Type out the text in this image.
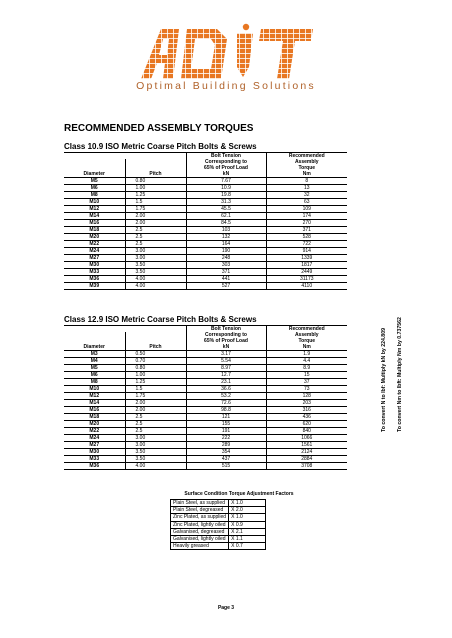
Optimal Building Solutions
RECOMMENDED ASSEMBLY TORQUES
Class 10.9 ISO Metric Coarse Pitch Bolts & Screws
		Bolt Tension	Recommended
		Corresponding to	Assembly
		65% of Proof Load	Torque
Diameter	Pitch	kN	Nm
M5	0.80	7.67	8
M6	1.00	10.9	13
M8	1.25	19.8	32
M10	1.5	31.3	63
M12	1.75	45.5	109
M14	2.00	62.1	174
M16	2.00	84.5	270
M18	2.5	103	371
M20	2.5	132	528
M22	2.5	164	722
M24	3.00	190	914
M27	3.00	248	1339
M30	3.50	303	1817
M33	3.50	371	2449
M36	4.00	441	31173
M39	4.00	527	4110
Class 12.9 ISO Metric Coarse Pitch Bolts & Screws
		Bolt Tension	Recommended
		Corresponding to	Assembly
		65% of Proof Load	Torque
Diameter	Pitch	kN	Nm
M3	0.50	3.17	1.9
M4	0.70	5.54	4.4
M5	0.80	8.97	8.9
M6	1.00	12.7	15
M8	1.25	23.1	37
M10	1.5	36.6	73
M12	1.75	53.2	128
M14	2.00	72.6	203
M16	2.00	98.8	316
M18	2.5	121	436
M20	2.5	155	620
M22	2.5	191	840
M24	3.00	222	1066
M27	3.00	289	1561
M30	3.50	354	2124
M33	3.50	437	2884
M36	4.00	515	3708
Surface Condition Torque Adjustment Factors
Plain Steel, as supplied	X 1.0
Plain Steel, degreased	X 2.0
Zinc Plated, as supplied	X 1.0
Zinc Plated, lightly oiled	X 0.9
Galvanised, degreased	X 2.1
Galvanised, lightly oiled	X 1.1
Heavily greased	X 0.7
To convert N to lbf: Multiply kN by 224.809 To convert Nm to lbft: Multiply Nm by 0.737562
Page 3
